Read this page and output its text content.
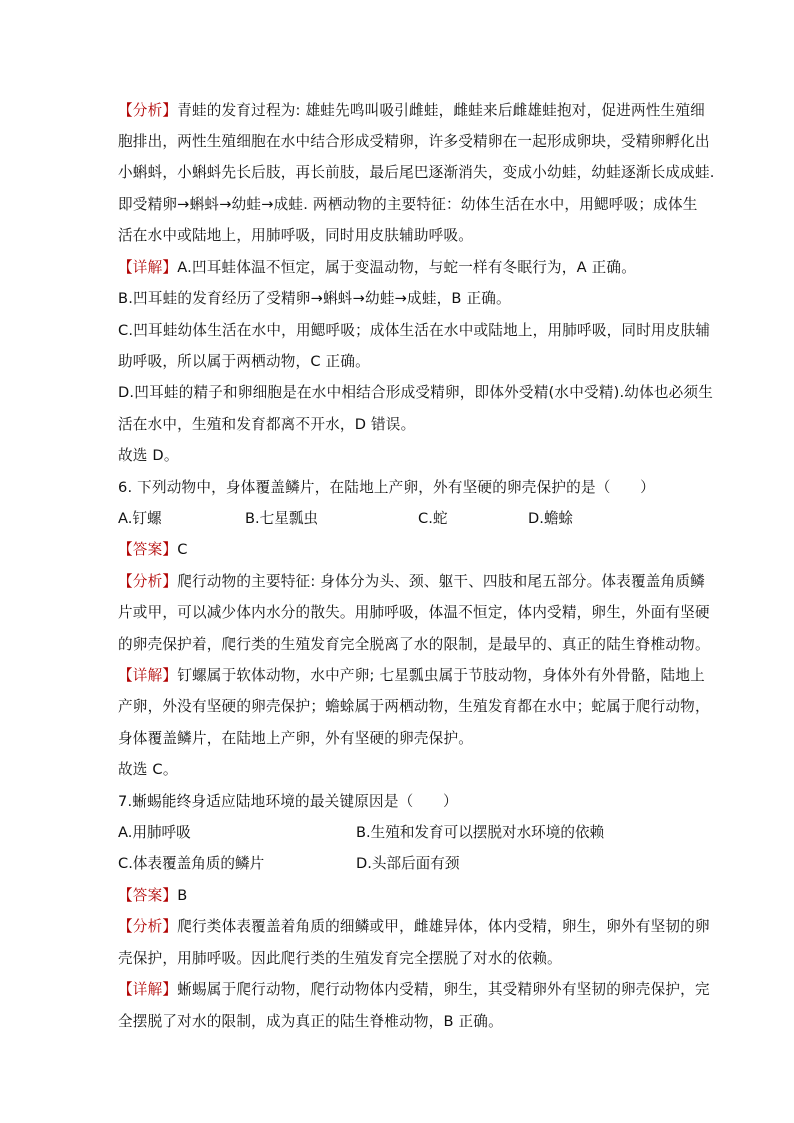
【分析】青蛙的发育过程为: 雄蛙先鸣叫吸引雌蛙，雌蛙来后雌雄蛙抱对，促进两性生殖细
胞排出，两性生殖细胞在水中结合形成受精卵，许多受精卵在一起形成卵块，受精卵孵化出
小蝌蚪，小蝌蚪先长后肢，再长前肢，最后尾巴逐渐消失，变成小幼蛙，幼蛙逐渐长成成蛙.
即受精卵→蝌蚪→幼蛙→成蛙. 两栖动物的主要特征：幼体生活在水中，用鳃呼吸；成体生
活在水中或陆地上，用肺呼吸，同时用皮肤辅助呼吸。
【详解】A.凹耳蛙体温不恒定，属于变温动物，与蛇一样有冬眠行为，A 正确。
B.凹耳蛙的发育经历了受精卵→蝌蚪→幼蛙→成蛙，B 正确。
C.凹耳蛙幼体生活在水中，用鳃呼吸；成体生活在水中或陆地上，用肺呼吸，同时用皮肤辅
助呼吸，所以属于两栖动物，C 正确。
D.凹耳蛙的精子和卵细胞是在水中相结合形成受精卵，即体外受精(水中受精).幼体也必须生
活在水中，生殖和发育都离不开水，D 错误。
故选 D。
6. 下列动物中，身体覆盖鳞片，在陆地上产卵，外有坚硬的卵壳保护的是（　　）
A.钉螺	B.七星瓢虫	C.蛇	D.蟾蜍
【答案】C
【分析】爬行动物的主要特征: 身体分为头、颈、躯干、四肢和尾五部分。体表覆盖角质鳞
片或甲，可以减少体内水分的散失。用肺呼吸，体温不恒定，体内受精，卵生，外面有坚硬
的卵壳保护着，爬行类的生殖发育完全脱离了水的限制，是最早的、真正的陆生脊椎动物。
【详解】钉螺属于软体动物，水中产卵; 七星瓢虫属于节肢动物，身体外有外骨骼，陆地上
产卵，外没有坚硬的卵壳保护；蟾蜍属于两栖动物，生殖发育都在水中；蛇属于爬行动物，
身体覆盖鳞片，在陆地上产卵，外有坚硬的卵壳保护。
故选 C。
7.蜥蜴能终身适应陆地环境的最关键原因是（　　）
A.用肺呼吸	B.生殖和发育可以摆脱对水环境的依赖
C.体表覆盖角质的鳞片	D.头部后面有颈
【答案】B
【分析】爬行类体表覆盖着角质的细鳞或甲，雌雄异体，体内受精，卵生，卵外有坚韧的卵
壳保护，用肺呼吸。因此爬行类的生殖发育完全摆脱了对水的依赖。
【详解】蜥蜴属于爬行动物，爬行动物体内受精，卵生，其受精卵外有坚韧的卵壳保护，完
全摆脱了对水的限制，成为真正的陆生脊椎动物，B 正确。
